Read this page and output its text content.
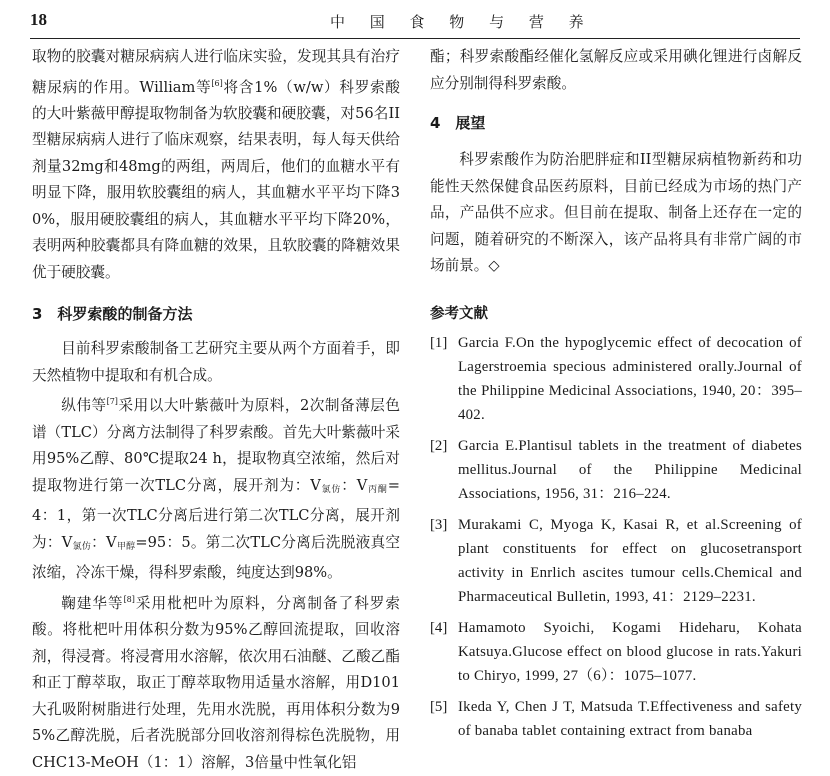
18	中 国 食 物 与 营 养

取物的胶囊对糖尿病病人进行临床实验，发现其具有治疗糖尿病的作用。William等[6]将含1%（w/w）科罗索酸的大叶紫薇甲醇提取物制备为软胶囊和硬胶囊，对56名II型糖尿病病人进行了临床观察，结果表明，每人每天供给剂量32mg和48mg的两组，两周后，他们的血糖水平有明显下降，服用软胶囊组的病人，其血糖水平平均下降30%，服用硬胶囊组的病人，其血糖水平平均下降20%，表明两种胶囊都具有降血糖的效果，且软胶囊的降糖效果优于硬胶囊。

3　科罗索酸的制备方法

目前科罗索酸制备工艺研究主要从两个方面着手，即天然植物中提取和有机合成。

纵伟等[7]采用以大叶紫薇叶为原料，2次制备薄层色谱（TLC）分离方法制得了科罗索酸。首先大叶紫薇叶采用95%乙醇、80℃提取24 h，提取物真空浓缩，然后对提取物进行第一次TLC分离，展开剂为：$V_{氯仿}$：$V_{丙酮}=4$：1，第一次TLC分离后进行第二次TLC分离，展开剂为：$V_{氯仿}$：$V_{甲醇}=95$：5。第二次TLC分离后洗脱液真空浓缩，冷冻干燥，得科罗索酸，纯度达到98%。

鞠建华等[8]采用枇杷叶为原料，分离制备了科罗索酸。将枇杷叶用体积分数为95%乙醇回流提取，回收溶剂，得浸膏。将浸膏用水溶解，依次用石油醚、乙酸乙酯和正丁醇萃取，取正丁醇萃取物用适量水溶解，用D101大孔吸附树脂进行处理，先用水洗脱，再用体积分数为95%乙醇洗脱，后者洗脱部分回收溶剂得棕色洗脱物，用CHC13-MeOH（1：1）溶解，3倍量中性氧化铝

酯；科罗索酸酯经催化氢解反应或采用碘化锂进行卤解反应分别制得科罗索酸。

4　展望

科罗索酸作为防治肥胖症和II型糖尿病植物新药和功能性天然保健食品医药原料，目前已经成为市场的热门产品，产品供不应求。但目前在提取、制备上还存在一定的问题，随着研究的不断深入，该产品将具有非常广阔的市场前景。◇

参考文献

[1] Garcia F.On the hypoglycemic effect of decocation of Lagerstroemia specious administered orally.Journal of the Philippine Medicinal Associations, 1940, 20：395–402.
[2] Garcia E.Plantisul tablets in the treatment of diabetes mellitus.Journal of the Philippine Medicinal Associations, 1956, 31：216–224.
[3] Murakami C, Myoga K, Kasai R, et al.Screening of plant constituents for effect on glucosetransport activity in Enrlich ascites tumour cells.Chemical and Pharmaceutical Bulletin, 1993, 41：2129–2231.
[4] Hamamoto Syoichi, Kogami Hideharu, Kohata Katsuya.Glucose effect on blood glucose in rats.Yakuri to Chiryo, 1999, 27（6）：1075–1077.
[5] Ikeda Y, Chen J T, Matsuda T.Effectiveness and safety of banaba tablet containing extract from banaba
